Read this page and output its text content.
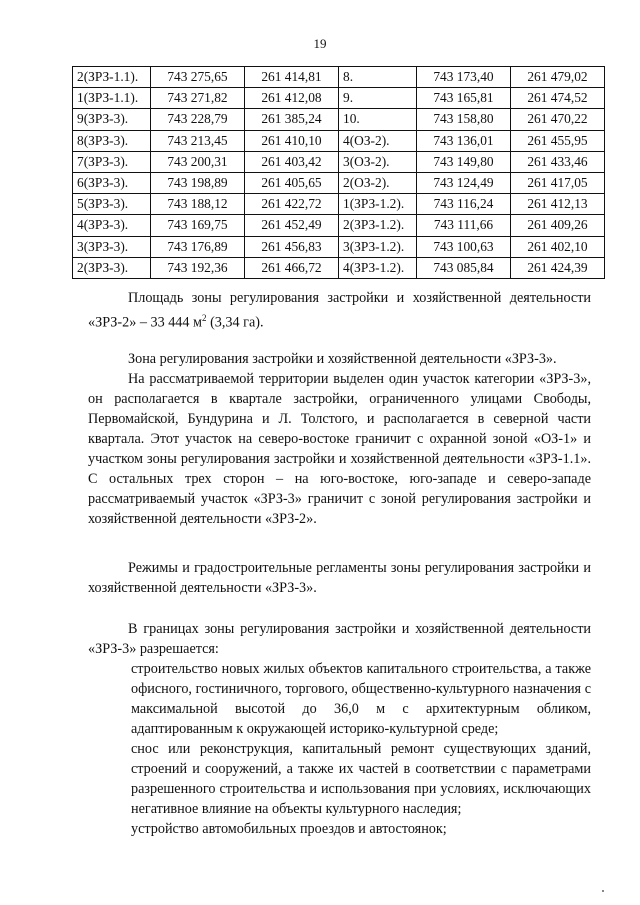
19
2(ЗРЗ-1.1).	743 275,65	261 414,81	8.	743 173,40	261 479,02
1(ЗРЗ-1.1).	743 271,82	261 412,08	9.	743 165,81	261 474,52
9(ЗРЗ-3).	743 228,79	261 385,24	10.	743 158,80	261 470,22
8(ЗРЗ-3).	743 213,45	261 410,10	4(ОЗ-2).	743 136,01	261 455,95
7(ЗРЗ-3).	743 200,31	261 403,42	3(ОЗ-2).	743 149,80	261 433,46
6(ЗРЗ-3).	743 198,89	261 405,65	2(ОЗ-2).	743 124,49	261 417,05
5(ЗРЗ-3).	743 188,12	261 422,72	1(ЗРЗ-1.2).	743 116,24	261 412,13
4(ЗРЗ-3).	743 169,75	261 452,49	2(ЗРЗ-1.2).	743 111,66	261 409,26
3(ЗРЗ-3).	743 176,89	261 456,83	3(ЗРЗ-1.2).	743 100,63	261 402,10
2(ЗРЗ-3).	743 192,36	261 466,72	4(ЗРЗ-1.2).	743 085,84	261 424,39

Площадь зоны регулирования застройки и хозяйственной деятельности «ЗРЗ-2» – 33 444 $м^2$ (3,34 га).

Зона регулирования застройки и хозяйственной деятельности «ЗРЗ-3».

На рассматриваемой территории выделен один участок категории «ЗРЗ-3», он располагается в квартале застройки, ограниченного улицами Свободы, Первомайской, Бундурина и Л. Толстого, и располагается в северной части квартала. Этот участок на северо-востоке граничит с охранной зоной «ОЗ-1» и участком зоны регулирования застройки и хозяйственной деятельности «ЗРЗ-1.1». С остальных трех сторон – на юго-востоке, юго-западе и северо-западе рассматриваемый участок «ЗРЗ-3» граничит с зоной регулирования застройки и хозяйственной деятельности «ЗРЗ-2».

Режимы и градостроительные регламенты зоны регулирования застройки и хозяйственной деятельности «ЗРЗ-3».

В границах зоны регулирования застройки и хозяйственной деятельности «ЗРЗ-3» разрешается:

строительство новых жилых объектов капитального строительства, а также офисного, гостиничного, торгового, общественно-культурного назначения с максимальной высотой до 36,0 м с архитектурным обликом, адаптированным к окружающей историко-культурной среде;

снос или реконструкция, капитальный ремонт существующих зданий, строений и сооружений, а также их частей в соответствии с параметрами разрешенного строительства и использования при условиях, исключающих негативное влияние на объекты культурного наследия;

устройство автомобильных проездов и автостоянок;
